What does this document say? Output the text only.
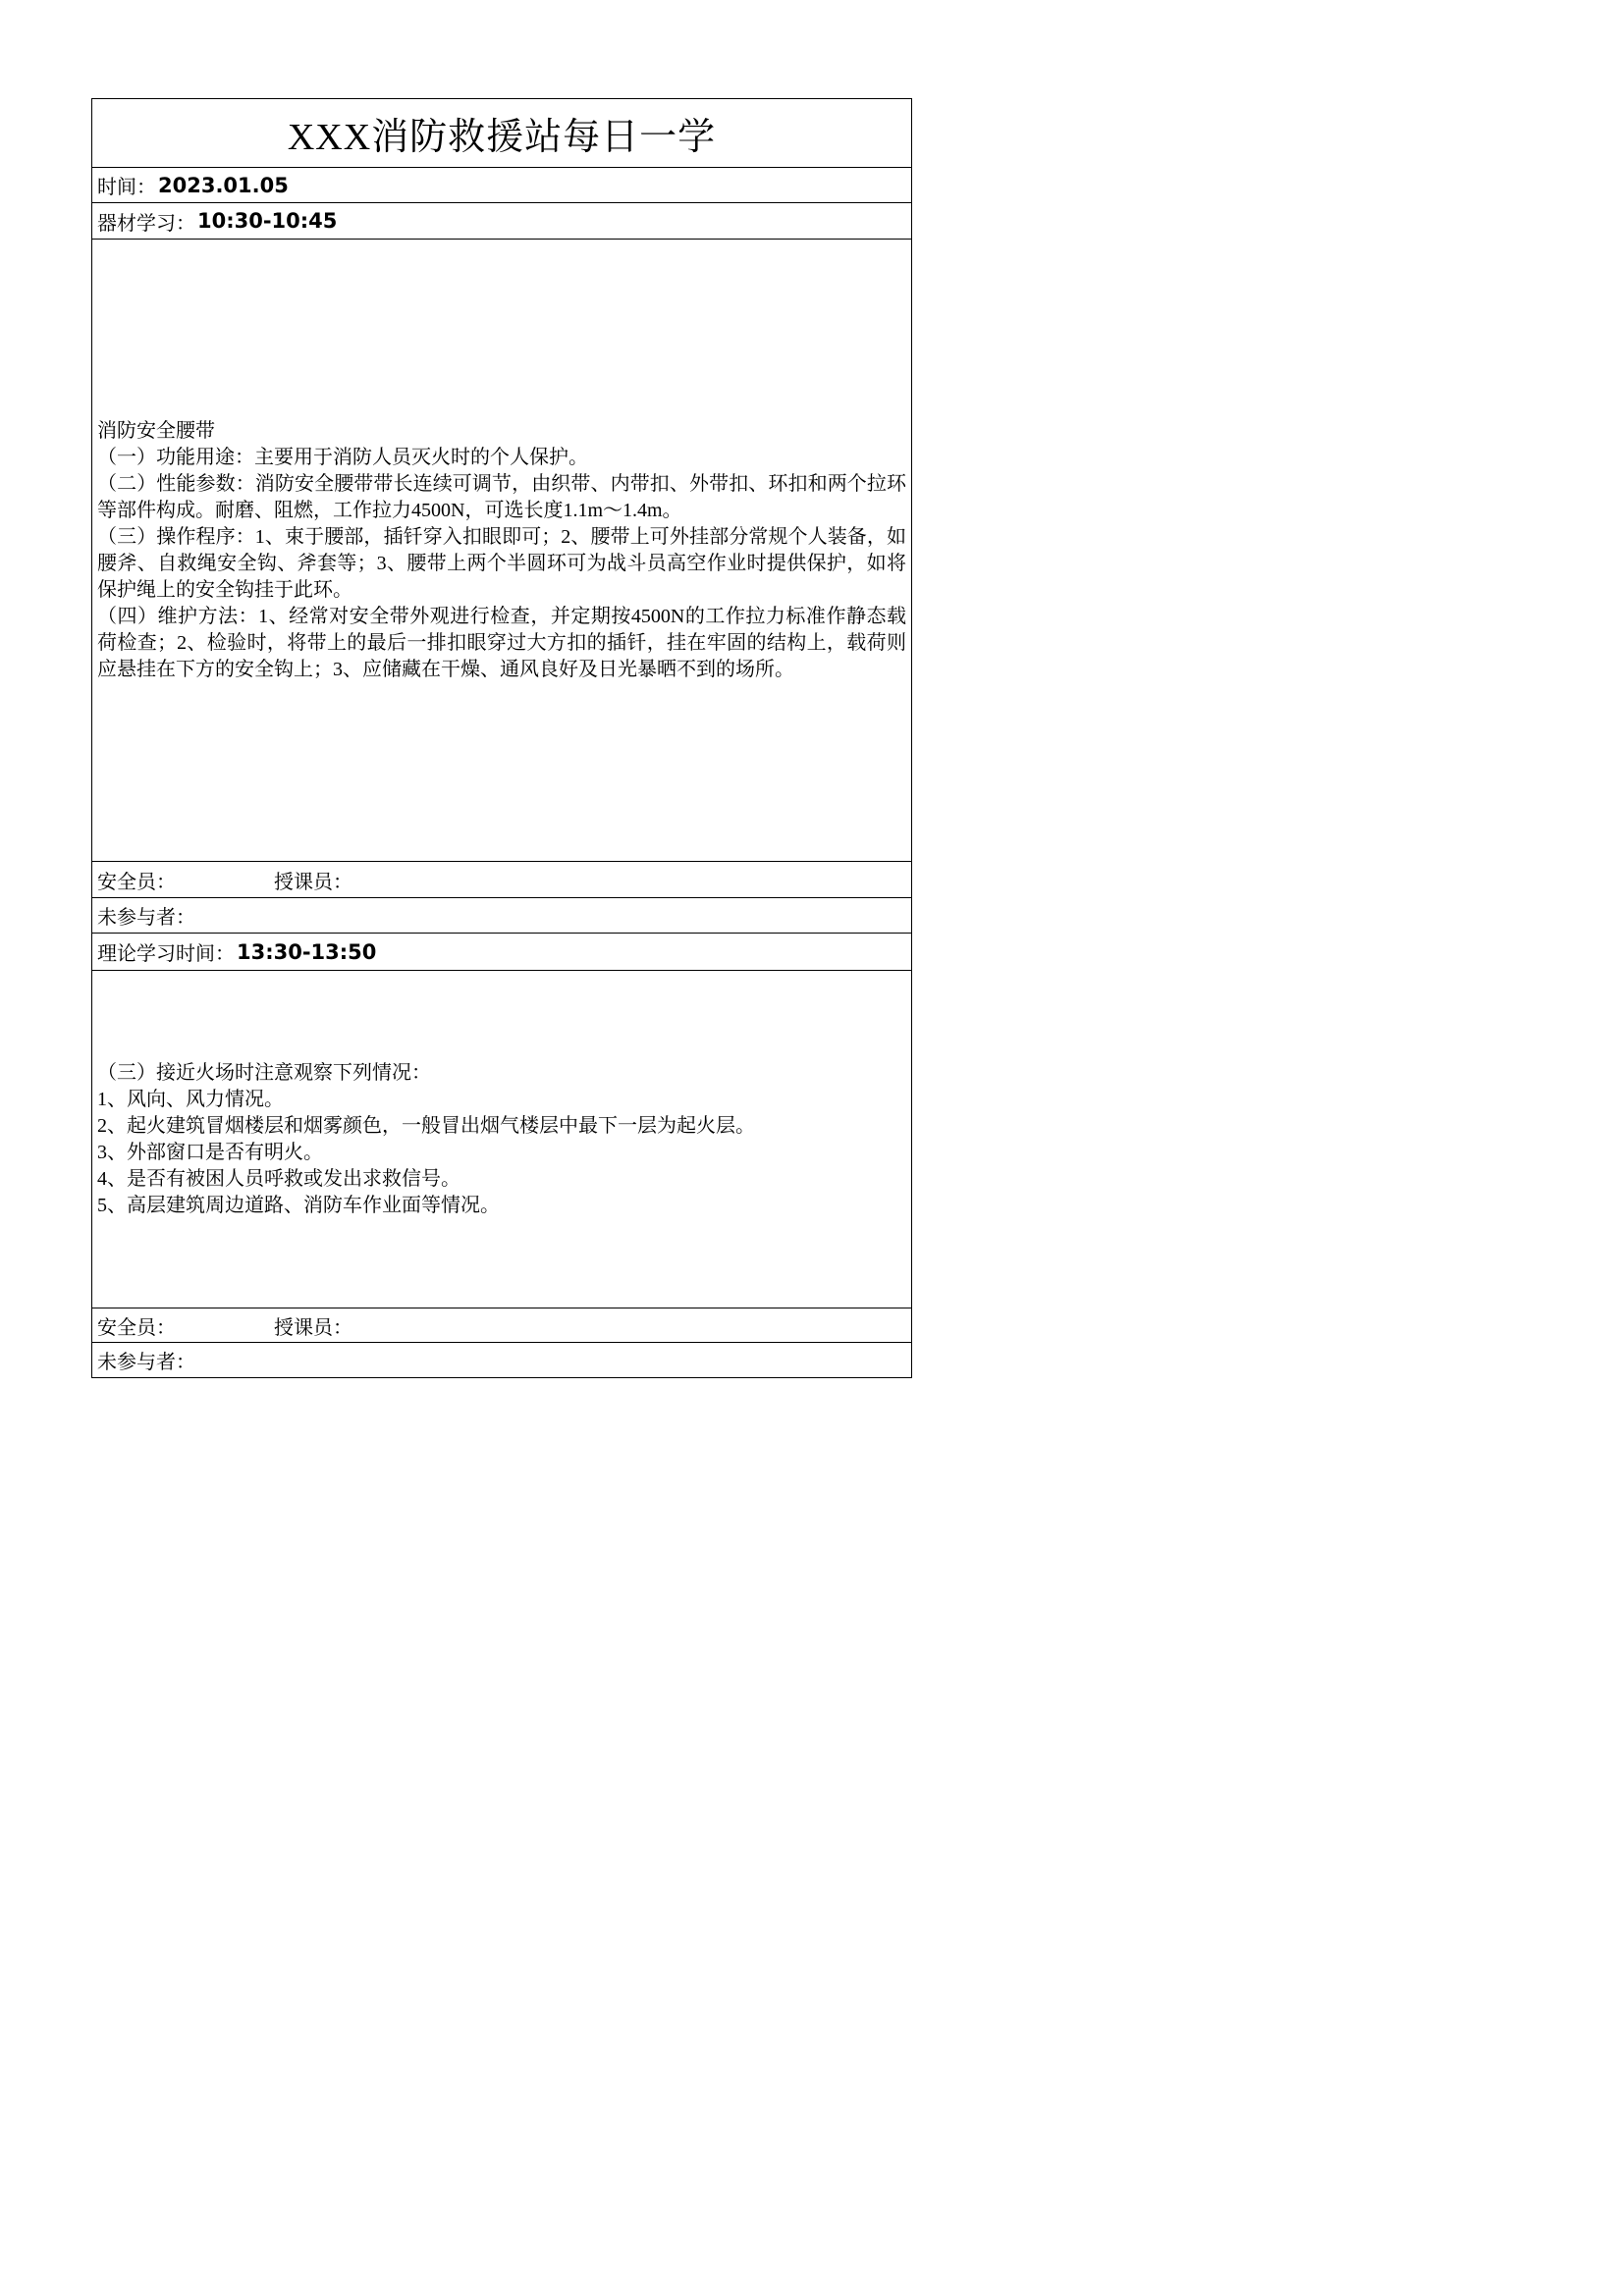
XXX消防救援站每日一学
时间： 2023.01.05
器材学习： 10:30-10:45

消防安全腰带

（一）功能用途：主要用于消防人员灭火时的个人保护。

（二）性能参数：消防安全腰带带长连续可调节，由织带、内带扣、外带扣、环扣和两个拉环等部件构成。耐磨、阻燃，工作拉力4500N，可选长度1.1m～1.4m。

（三）操作程序：1、束于腰部，插钎穿入扣眼即可；2、腰带上可外挂部分常规个人装备，如腰斧、自救绳安全钩、斧套等；3、腰带上两个半圆环可为战斗员高空作业时提供保护，如将保护绳上的安全钩挂于此环。

（四）维护方法：1、经常对安全带外观进行检查，并定期按4500N的工作拉力标准作静态载荷检查；2、检验时，将带上的最后一排扣眼穿过大方扣的插钎，挂在牢固的结构上，载荷则应悬挂在下方的安全钩上；3、应储藏在干燥、通风良好及日光暴晒不到的场所。

安全员：	授课员：
未参与者：
理论学习时间： 13:30-13:50

（三）接近火场时注意观察下列情况：

1、风向、风力情况。

2、起火建筑冒烟楼层和烟雾颜色，一般冒出烟气楼层中最下一层为起火层。

3、外部窗口是否有明火。

4、是否有被困人员呼救或发出求救信号。

5、高层建筑周边道路、消防车作业面等情况。

安全员：	授课员：
未参与者：
